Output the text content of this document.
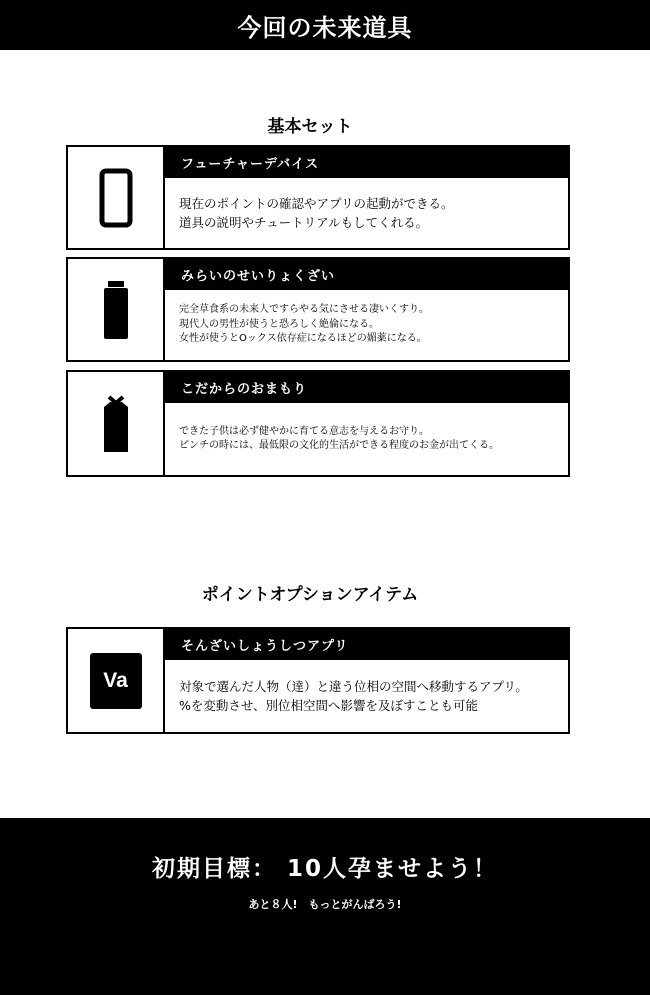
今回の未来道具
基本セット
フューチャーデバイス
現在のポイントの確認やアプリの起動ができる。
道具の説明やチュートリアルもしてくれる。
みらいのせいりょくざい
完全草食系の未来人ですらやる気にさせる凄いくすり。
現代人の男性が使うと恐ろしく絶倫になる。
女性が使うとOックス依存症になるほどの媚薬になる。
こだからのおまもり
できた子供は必ず健やかに育てる意志を与えるお守り。
ピンチの時には、最低限の文化的生活ができる程度のお金が出てくる。
ポイントオプションアイテム
Va
そんざいしょうしつアプリ
対象で選んだ人物（達）と違う位相の空間へ移動するアプリ。
%を変動させ、別位相空間へ影響を及ぼすことも可能
初期目標： 10人孕ませよう！
あと８人!　もっとがんばろう!
